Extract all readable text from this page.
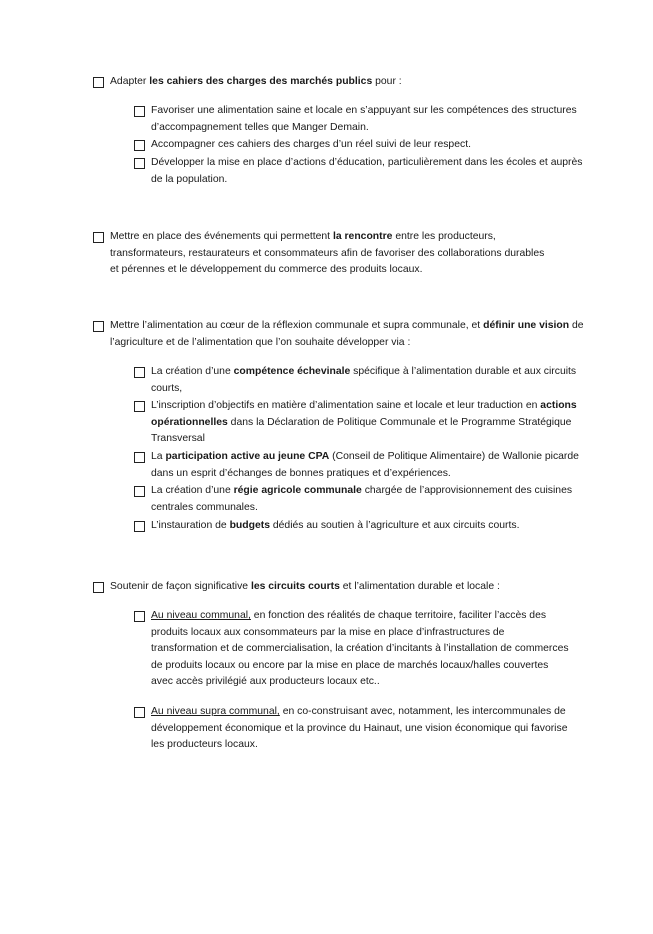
Adapter les cahiers des charges des marchés publics pour :
Favoriser une alimentation saine et locale en s’appuyant sur les compétences des structures d’accompagnement telles que Manger Demain.
Accompagner ces cahiers des charges d’un réel suivi de leur respect.
Développer la mise en place d’actions d’éducation, particulièrement dans les écoles et auprès de la population.
Mettre en place des événements qui permettent la rencontre entre les producteurs, transformateurs, restaurateurs et consommateurs afin de favoriser des collaborations durables et pérennes et le développement du commerce des produits locaux.
Mettre l’alimentation au cœur de la réflexion communale et supra communale, et définir une vision de l’agriculture et de l’alimentation que l’on souhaite développer via :
La création d’une compétence échevinale spécifique à l’alimentation durable et aux circuits courts,
L’inscription d’objectifs en matière d’alimentation saine et locale et leur traduction en actions opérationnelles dans la Déclaration de Politique Communale et le Programme Stratégique Transversal
La participation active au jeune CPA (Conseil de Politique Alimentaire) de Wallonie picarde dans un esprit d’échanges de bonnes pratiques et d’expériences.
La création d’une régie agricole communale chargée de l’approvisionnement des cuisines centrales communales.
L’instauration de budgets dédiés au soutien à l’agriculture et aux circuits courts.
Soutenir de façon significative les circuits courts et l’alimentation durable et locale :
Au niveau communal, en fonction des réalités de chaque territoire, faciliter l’accès des produits locaux aux consommateurs par la mise en place d’infrastructures de transformation et de commercialisation, la création d’incitants à l’installation de commerces de produits locaux ou encore par la mise en place de marchés locaux/halles couvertes avec accès privilégié aux producteurs locaux etc..
Au niveau supra communal, en co-construisant avec, notamment, les intercommunales de développement économique et la province du Hainaut, une vision économique qui favorise les producteurs locaux.
